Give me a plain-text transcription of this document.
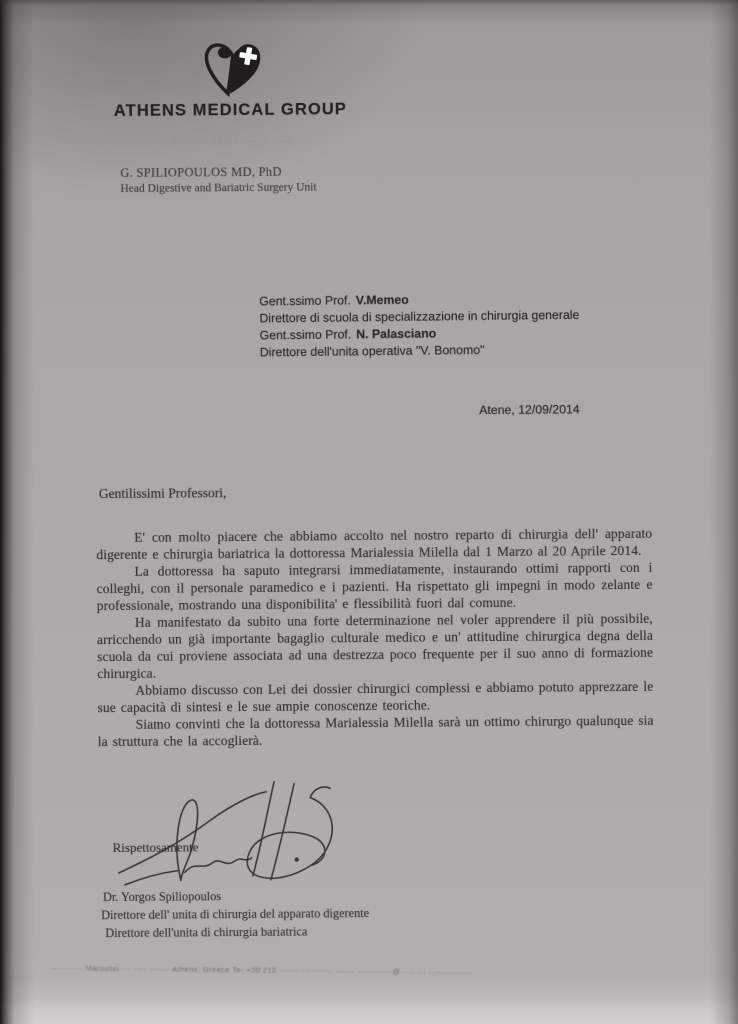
ATHENS MEDICAL GROUP
·· ···· ····· ··· · ····
G. SPILIOPOULOS MD, PhD
Head Digestive and Bariatric Surgery Unit
Gent.ssimo Prof. V.Memeo
Direttore di scuola di specializzazione in chirurgia generale
Gent.ssimo Prof. N. Palasciano
Direttore dell'unita operativa "V. Bonomo"
Atene, 12/09/2014
Gentilissimi Professori,

E' con molto piacere che abbiamo accolto nel nostro reparto di chirurgia dell' apparato digerente e chirurgia bariatrica la dottoressa Marialessia Milella dal 1 Marzo al 20 Aprile 2014.

La dottoressa ha saputo integrarsi immediatamente, instaurando ottimi rapporti con i colleghi, con il personale paramedico e i pazienti. Ha rispettato gli impegni in modo zelante e professionale, mostrando una disponibilita' e flessibilità fuori dal comune.

Ha manifestato da subito una forte determinazione nel voler apprendere il più possibile, arricchendo un già importante bagaglio culturale medico e un' attitudine chirurgica degna della scuola da cui proviene associata ad una destrezza poco frequente per il suo anno di formazione chirurgica.

Abbiamo discusso con Lei dei dossier chirurgici complessi e abbiamo potuto apprezzare le sue capacità di sintesi e le sue ampie conoscenze teoriche.

Siamo convinti che la dottoressa Marialessia Milella sarà un ottimo chirurgo qualunque sia la struttura che la accoglierà.

Rispettosamente
Dr. Yorgos Spiliopoulos
Direttore dell' unita di chirurgia del apparato digerente
Direttore dell'unita di chirurgia bariatrica
·· ········ Maroussi ··· ··-·· ······· Athens, Greece Te· +30 210 ······· ··· ··· ··· ······· ···· ·······@····· ··· ···-···········
